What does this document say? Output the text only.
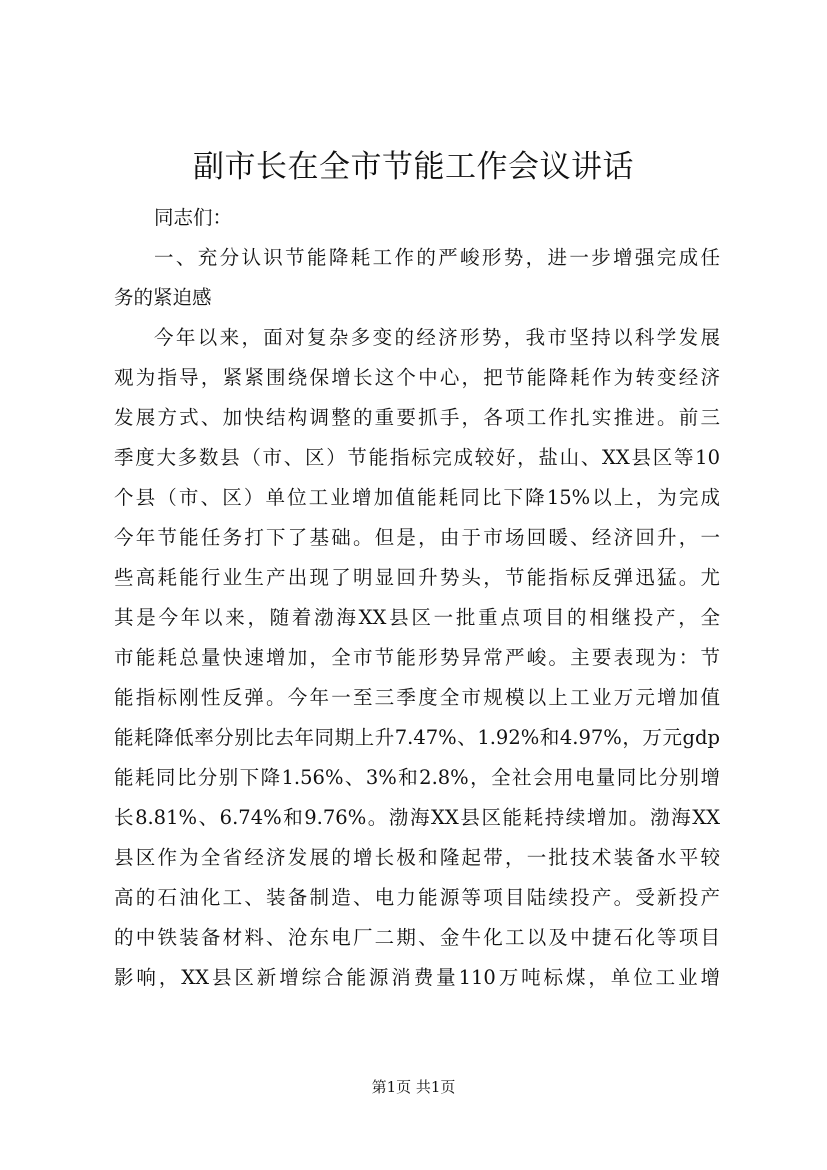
副市长在全市节能工作会议讲话
同志们：
一、充分认识节能降耗工作的严峻形势，进一步增强完成任
务的紧迫感
今年以来，面对复杂多变的经济形势，我市坚持以科学发展
观为指导，紧紧围绕保增长这个中心，把节能降耗作为转变经济
发展方式、加快结构调整的重要抓手，各项工作扎实推进。前三
季度大多数县（市、区）节能指标完成较好，盐山、XX县区等10
个县（市、区）单位工业增加值能耗同比下降15%以上，为完成
今年节能任务打下了基础。但是，由于市场回暖、经济回升，一
些高耗能行业生产出现了明显回升势头，节能指标反弹迅猛。尤
其是今年以来，随着渤海XX县区一批重点项目的相继投产，全
市能耗总量快速增加，全市节能形势异常严峻。主要表现为：节
能指标刚性反弹。今年一至三季度全市规模以上工业万元增加值
能耗降低率分别比去年同期上升7.47%、1.92%和4.97%，万元gdp
能耗同比分别下降1.56%、3%和2.8%，全社会用电量同比分别增
长8.81%、6.74%和9.76%。渤海XX县区能耗持续增加。渤海XX
县区作为全省经济发展的增长极和隆起带，一批技术装备水平较
高的石油化工、装备制造、电力能源等项目陆续投产。受新投产
的中铁装备材料、沧东电厂二期、金牛化工以及中捷石化等项目
影响，XX县区新增综合能源消费量110万吨标煤，单位工业增
第1页 共1页
